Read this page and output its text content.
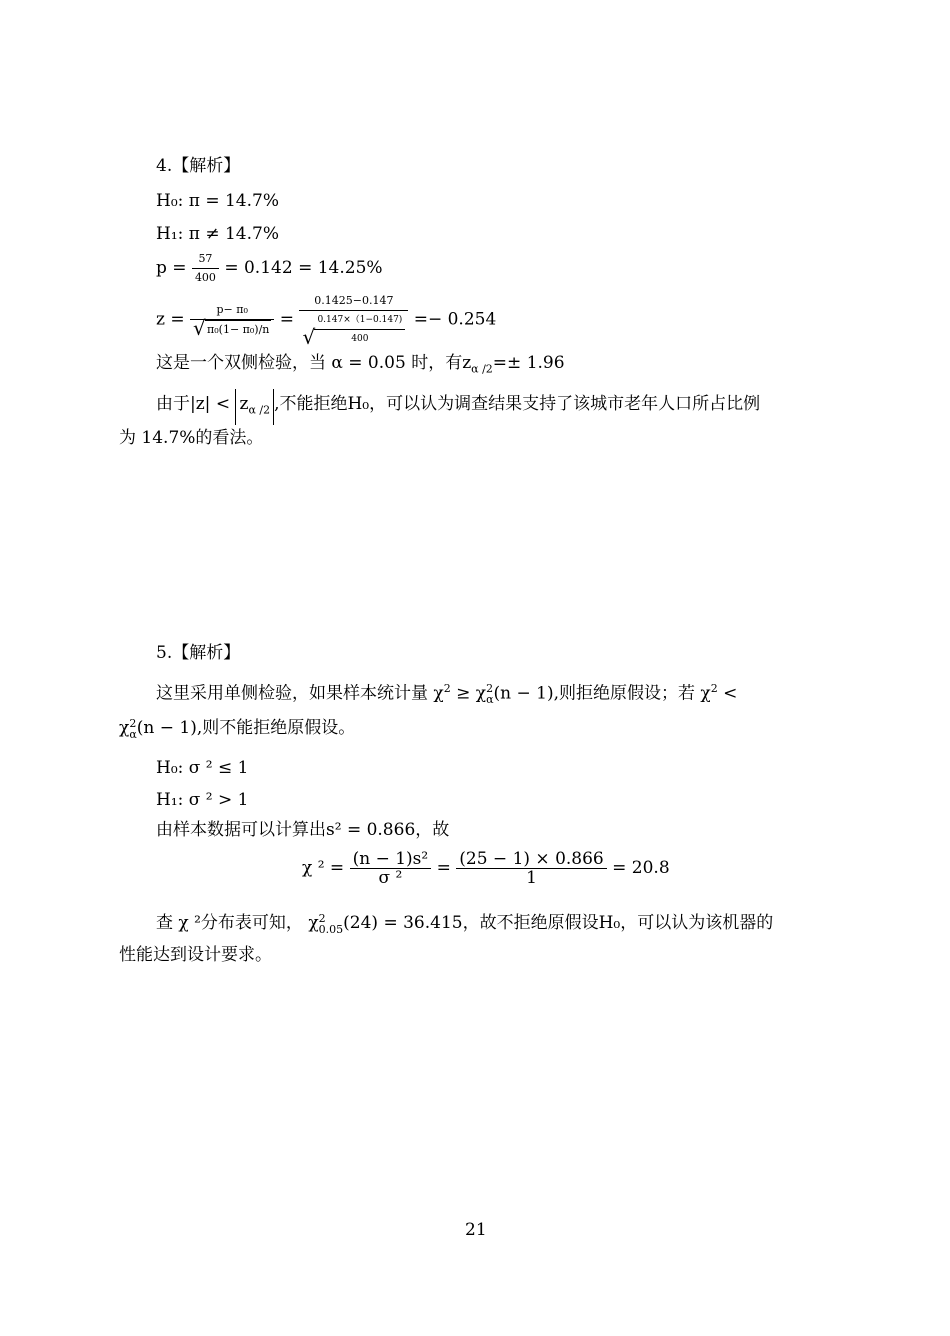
4.【解析】
H₀: π = 14.7%
H₁: π ≠ 14.7%
$p = \frac{57}{400} = 0.142 = 14.25\%$
$z = \frac{\text{p− π₀}}{\text{√ π₀(1− π₀)/n}} = \frac{0.1425-0.147}{√ \frac{0.147\times(1-0.147)}{400}} =- 0.254$
这是一个双侧检验，当 α = 0.05 时，有$z_{\alpha /2}=\pm 1.96$
由于$|z| < z_{\alpha /2}$ ,不能拒绝H₀，可以认为调查结果支持了该城市老年人口所占比例
为 14.7%的看法。
5.【解析】
这里采用单侧检验，如果样本统计量 $\chi^2 \ge \chi$ 2
α (n − 1),则拒绝原假设；若 $\chi^2$ <
χ 2
α (n − 1),则不能拒绝原假设。
H₀: σ ² ≤ 1
H₁: σ ² > 1
由样本数据可以计算出s² = 0.866，故
χ $^2 = \frac{\text{(n − 1)s²}}{\text{σ ²}} = \frac{(25 - 1) \times 0.866}{1} = 20.8$
查 χ ²分布表可知， χ 2
0.05 (24) = 36.415，故不拒绝原假设H₀，可以认为该机器的
性能达到设计要求。
21
